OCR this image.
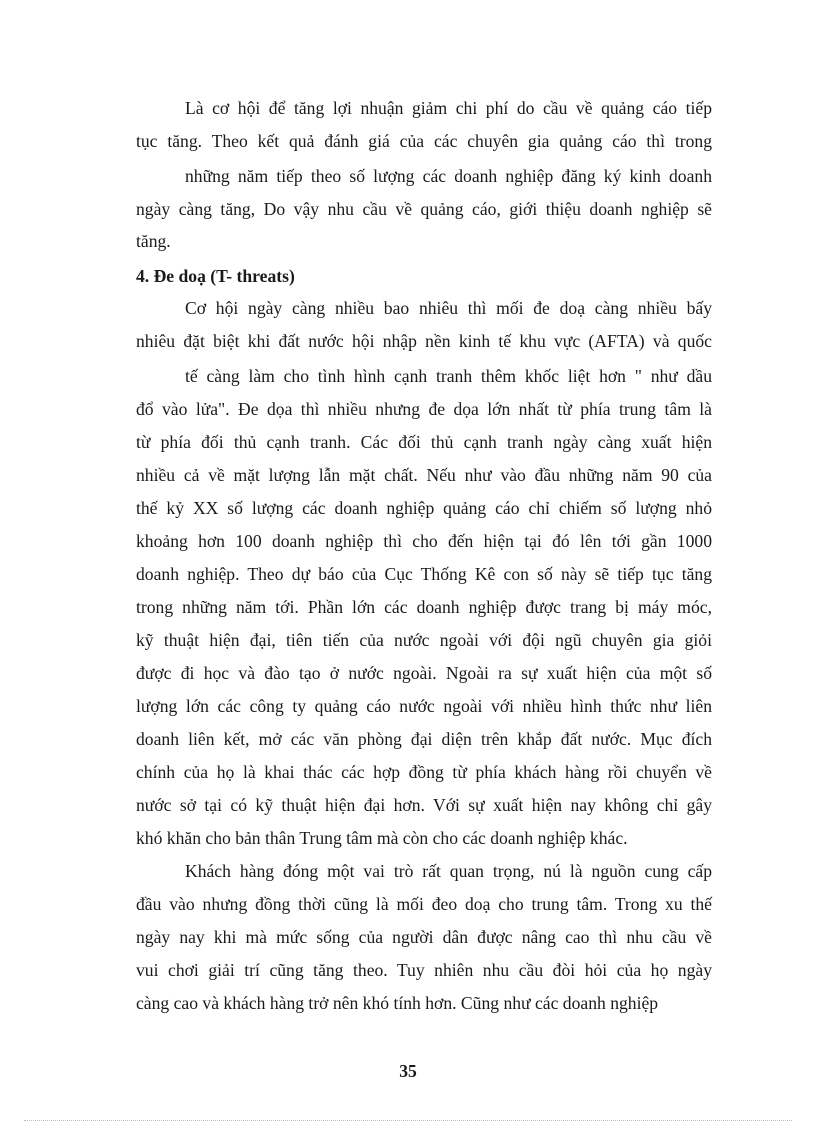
Là cơ hội để tăng lợi nhuận giảm chi phí do cầu về quảng cáo tiếp

tục tăng. Theo kết quả đánh giá của các chuyên gia quảng cáo thì trong

những năm tiếp theo số lượng các doanh nghiệp đăng ký kinh doanh

ngày càng tăng, Do vậy nhu cầu về quảng cáo, giới thiệu doanh nghiệp sẽ

tăng.

4. Đe doạ (T- threats)

Cơ hội ngày càng nhiều bao nhiêu thì mối đe doạ càng nhiều bấy

nhiêu đặt biệt khi đất nước hội nhập nền kinh tế khu vực (AFTA) và quốc

tế càng làm cho tình hình cạnh tranh thêm khốc liệt hơn " như dầu

đổ vào lửa". Đe dọa thì nhiều nhưng đe dọa lớn nhất từ phía trung tâm là

từ phía đối thủ cạnh tranh. Các đối thủ cạnh tranh ngày càng xuất hiện

nhiều cả về mặt lượng lẫn mặt chất. Nếu như vào đầu những năm 90 của

thế kỷ XX số lượng các doanh nghiệp quảng cáo chỉ chiếm số lượng nhỏ

khoảng hơn 100 doanh nghiệp thì cho đến hiện tại đó lên tới gần 1000

doanh nghiệp. Theo dự báo của Cục Thống Kê con số này sẽ tiếp tục tăng

trong những năm tới. Phần lớn các doanh nghiệp được trang bị máy móc,

kỹ thuật hiện đại, tiên tiến của nước ngoài với đội ngũ chuyên gia giỏi

được đi học và đào tạo ở nước ngoài. Ngoài ra sự xuất hiện của một số

lượng lớn các công ty quảng cáo nước ngoài với nhiều hình thức như liên

doanh liên kết, mở các văn phòng đại diện trên khắp đất nước. Mục đích

chính của họ là khai thác các hợp đồng từ phía khách hàng rồi chuyển về

nước sở tại có kỹ thuật hiện đại hơn. Với sự xuất hiện nay không chỉ gây

khó khăn cho bản thân Trung tâm mà còn cho các doanh nghiệp khác.

Khách hàng đóng một vai trò rất quan trọng, nú là nguồn cung cấp

đầu vào nhưng đồng thời cũng là mối đeo doạ cho trung tâm. Trong xu thế

ngày nay khi mà mức sống của người dân được nâng cao thì nhu cầu về

vui chơi giải trí cũng tăng theo. Tuy nhiên nhu cầu đòi hỏi của họ ngày

càng cao và khách hàng trở nên khó tính hơn. Cũng như các doanh nghiệp

35
